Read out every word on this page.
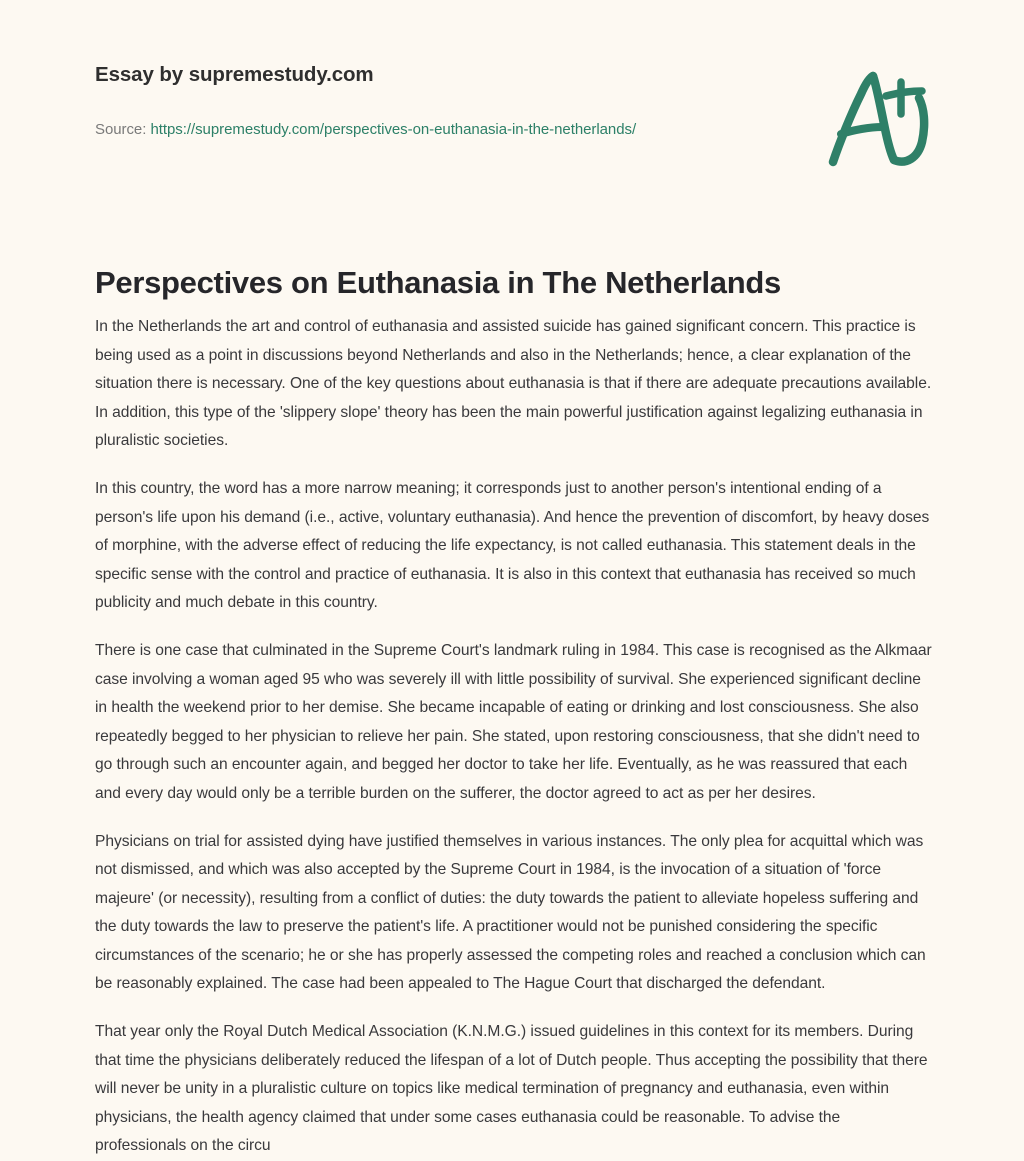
Essay by supremestudy.com
Source: https://supremestudy.com/perspectives-on-euthanasia-in-the-netherlands/
Perspectives on Euthanasia in The Netherlands

In the Netherlands the art and control of euthanasia and assisted suicide has gained significant concern. This practice is being used as a point in discussions beyond Netherlands and also in the Netherlands; hence, a clear explanation of the situation there is necessary. One of the key questions about euthanasia is that if there are adequate precautions available. In addition, this type of the 'slippery slope' theory has been the main powerful justification against legalizing euthanasia in pluralistic societies.

In this country, the word has a more narrow meaning; it corresponds just to another person's intentional ending of a person's life upon his demand (i.e., active, voluntary euthanasia). And hence the prevention of discomfort, by heavy doses of morphine, with the adverse effect of reducing the life expectancy, is not called euthanasia. This statement deals in the specific sense with the control and practice of euthanasia. It is also in this context that euthanasia has received so much publicity and much debate in this country.

There is one case that culminated in the Supreme Court's landmark ruling in 1984. This case is recognised as the Alkmaar case involving a woman aged 95 who was severely ill with little possibility of survival. She experienced significant decline in health the weekend prior to her demise. She became incapable of eating or drinking and lost consciousness. She also repeatedly begged to her physician to relieve her pain. She stated, upon restoring consciousness, that she didn't need to go through such an encounter again, and begged her doctor to take her life. Eventually, as he was reassured that each and every day would only be a terrible burden on the sufferer, the doctor agreed to act as per her desires.

Physicians on trial for assisted dying have justified themselves in various instances. The only plea for acquittal which was not dismissed, and which was also accepted by the Supreme Court in 1984, is the invocation of a situation of 'force majeure' (or necessity), resulting from a conflict of duties: the duty towards the patient to alleviate hopeless suffering and the duty towards the law to preserve the patient's life. A practitioner would not be punished considering the specific circumstances of the scenario; he or she has properly assessed the competing roles and reached a conclusion which can be reasonably explained. The case had been appealed to The Hague Court that discharged the defendant.

That year only the Royal Dutch Medical Association (K.N.M.G.) issued guidelines in this context for its members. During that time the physicians deliberately reduced the lifespan of a lot of Dutch people. Thus accepting the possibility that there will never be unity in a pluralistic culture on topics like medical termination of pregnancy and euthanasia, even within physicians, the health agency claimed that under some cases euthanasia could be reasonable. To advise the professionals on the circu
